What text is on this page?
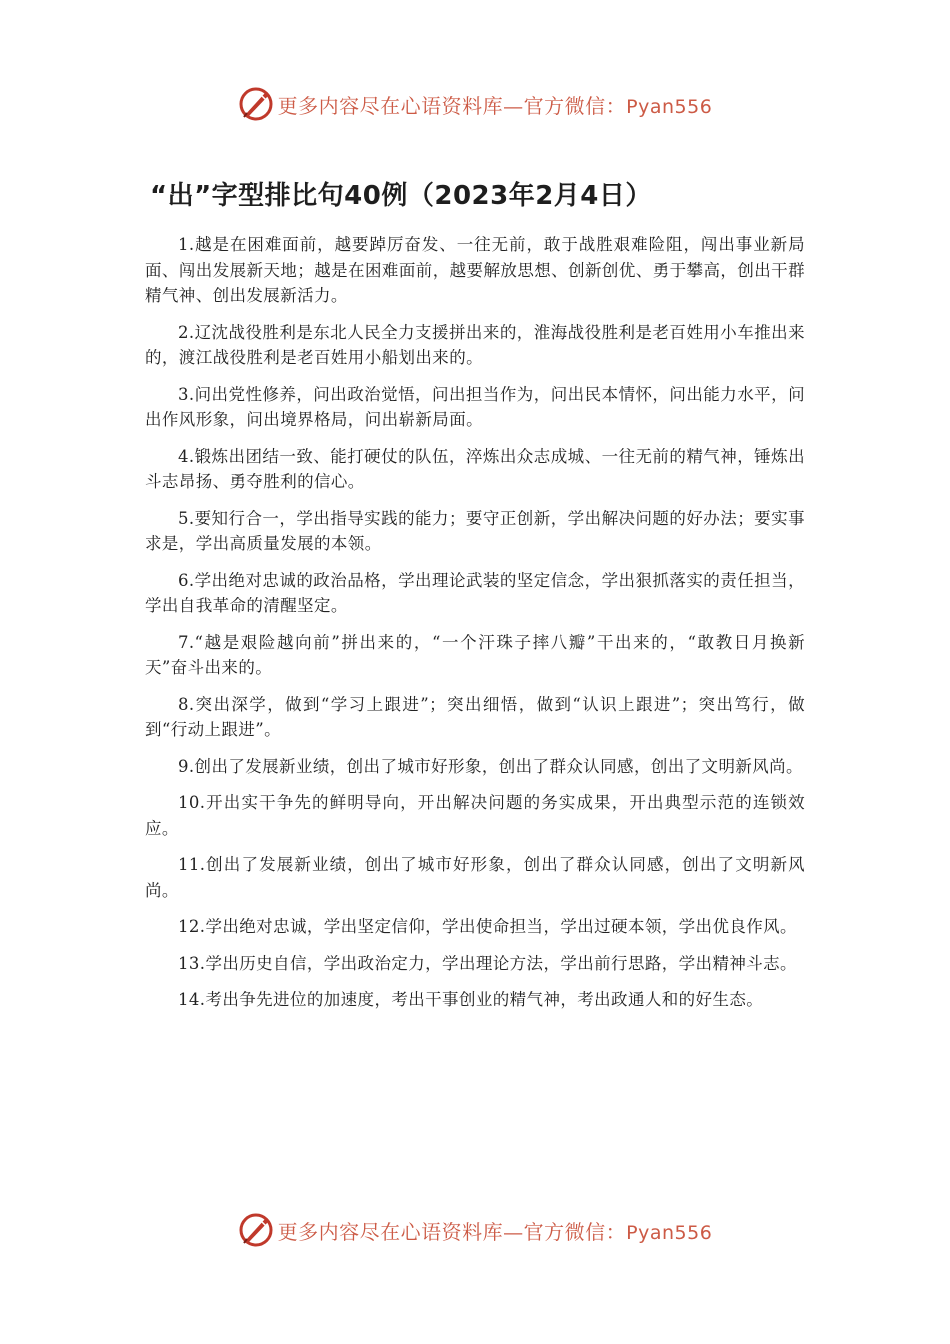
更多内容尽在心语资料库—官方微信：Pyan556
“出”字型排比句40例（2023年2月4日）

1.越是在困难面前，越要踔厉奋发、一往无前，敢于战胜艰难险阻，闯出事业新局面、闯出发展新天地；越是在困难面前，越要解放思想、创新创优、勇于攀高，创出干群精气神、创出发展新活力。

2.辽沈战役胜利是东北人民全力支援拼出来的，淮海战役胜利是老百姓用小车推出来的，渡江战役胜利是老百姓用小船划出来的。

3.问出党性修养，问出政治觉悟，问出担当作为，问出民本情怀，问出能力水平，问出作风形象，问出境界格局，问出崭新局面。

4.锻炼出团结一致、能打硬仗的队伍，淬炼出众志成城、一往无前的精气神，锤炼出斗志昂扬、勇夺胜利的信心。

5.要知行合一，学出指导实践的能力；要守正创新，学出解决问题的好办法；要实事求是，学出高质量发展的本领。

6.学出绝对忠诚的政治品格，学出理论武装的坚定信念，学出狠抓落实的责任担当，学出自我革命的清醒坚定。

7.“越是艰险越向前”拼出来的，“一个汗珠子摔八瓣”干出来的，“敢教日月换新天”奋斗出来的。

8.突出深学，做到“学习上跟进”；突出细悟，做到“认识上跟进”；突出笃行，做到“行动上跟进”。

9.创出了发展新业绩，创出了城市好形象，创出了群众认同感，创出了文明新风尚。

10.开出实干争先的鲜明导向，开出解决问题的务实成果，开出典型示范的连锁效应。

11.创出了发展新业绩，创出了城市好形象，创出了群众认同感，创出了文明新风尚。

12.学出绝对忠诚，学出坚定信仰，学出使命担当，学出过硬本领，学出优良作风。

13.学出历史自信，学出政治定力，学出理论方法，学出前行思路，学出精神斗志。

14.考出争先进位的加速度，考出干事创业的精气神，考出政通人和的好生态。

更多内容尽在心语资料库—官方微信：Pyan556
